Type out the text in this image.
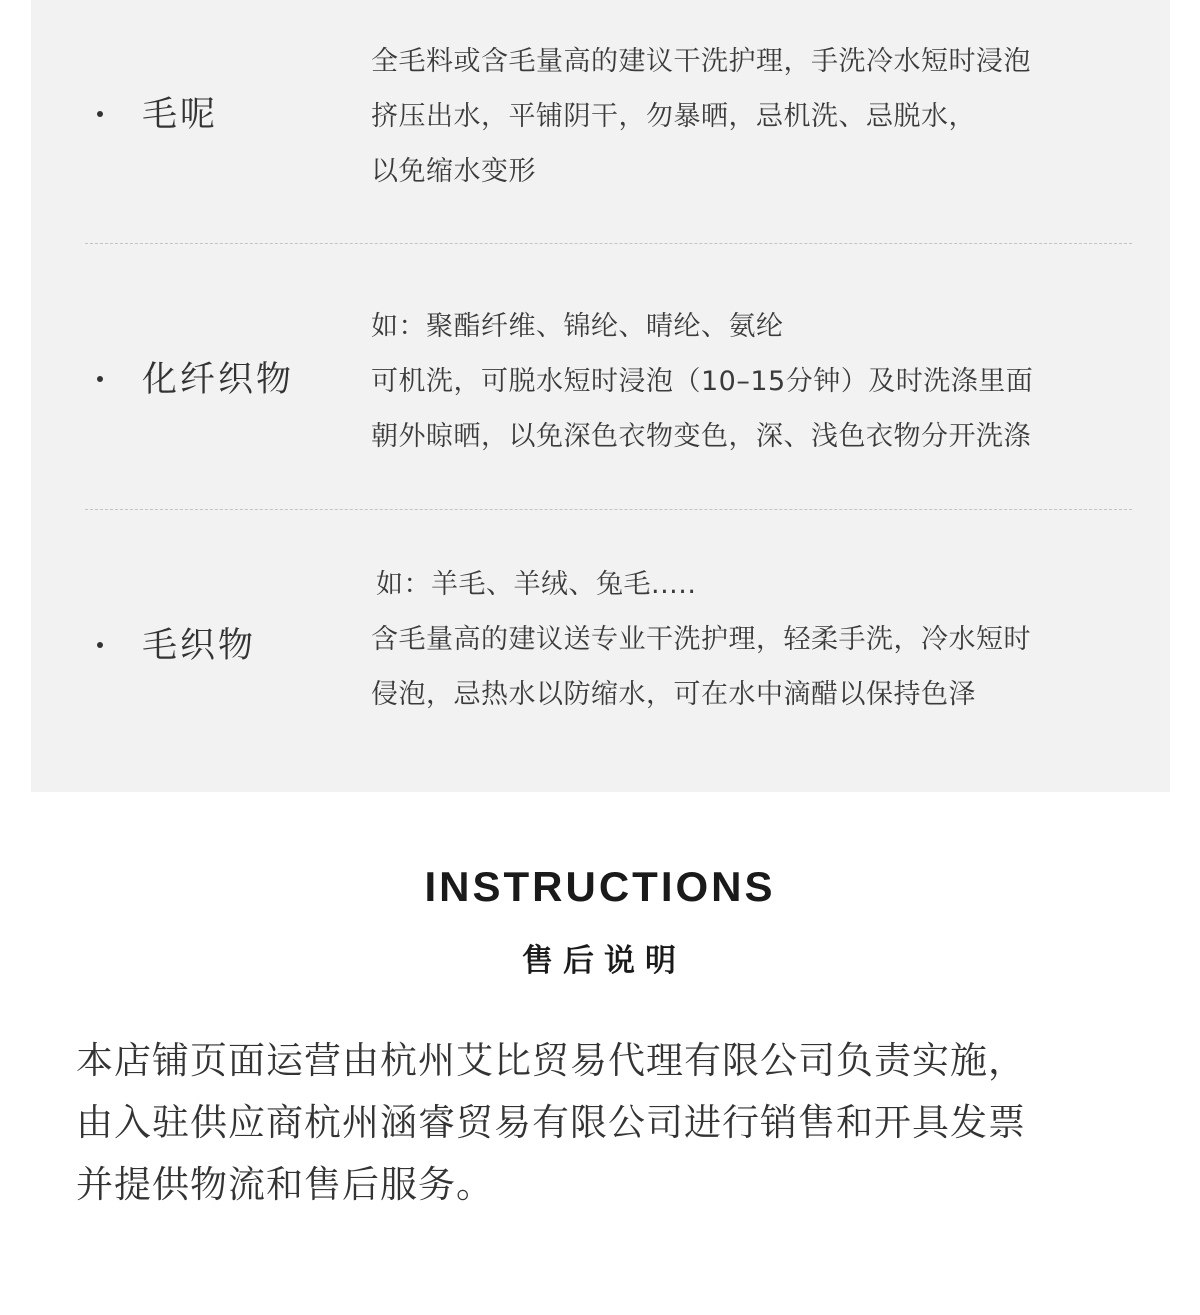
毛呢
全毛料或含毛量高的建议干洗护理，手洗冷水短时浸泡
挤压出水，平铺阴干，勿暴晒，忌机洗、忌脱水，
以免缩水变形
化纤织物
如：聚酯纤维、锦纶、晴纶、氨纶
可机洗，可脱水短时浸泡（10–15分钟）及时洗涤里面
朝外晾晒，以免深色衣物变色，深、浅色衣物分开洗涤
毛织物
如：羊毛、羊绒、兔毛.....
含毛量高的建议送专业干洗护理，轻柔手洗，冷水短时
侵泡，忌热水以防缩水，可在水中滴醋以保持色泽
INSTRUCTIONS
售后说明
本店铺页面运营由杭州艾比贸易代理有限公司负责实施，
由入驻供应商杭州涵睿贸易有限公司进行销售和开具发票
并提供物流和售后服务。
